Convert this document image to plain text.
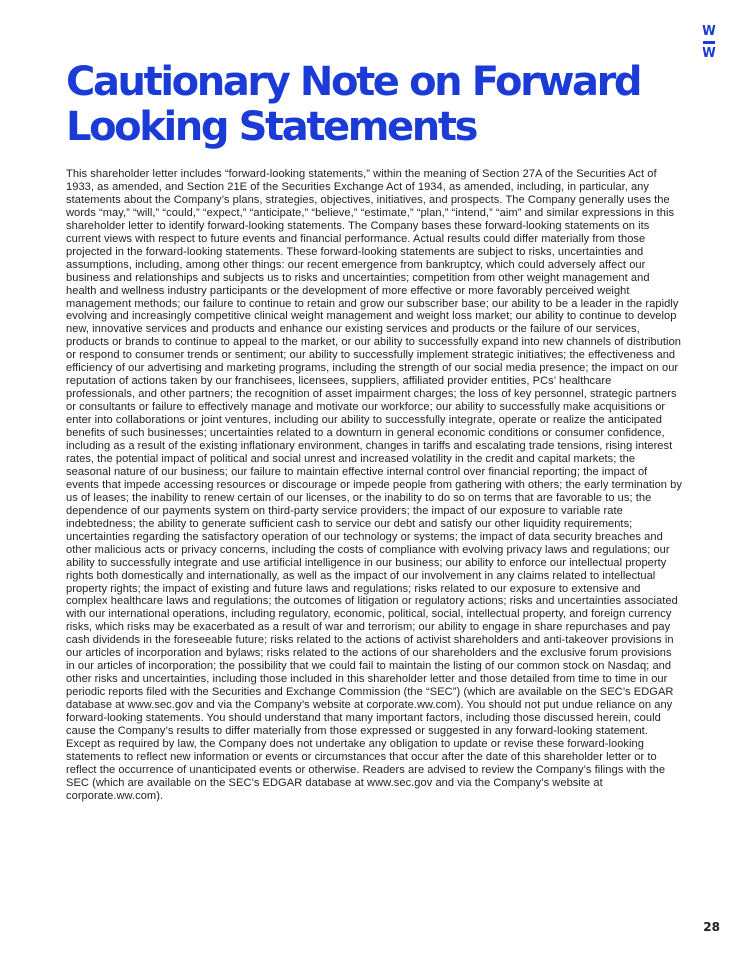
W
W
Cautionary Note on Forward Looking Statements

This shareholder letter includes “forward-looking statements,” within the meaning of Section 27A of the Securities Act of 1933, as amended, and Section 21E of the Securities Exchange Act of 1934, as amended, including, in particular, any statements about the Company’s plans, strategies, objectives, initiatives, and prospects. The Company generally uses the words “may,” “will,” “could,” “expect,” “anticipate,” “believe,” “estimate,” “plan,” “intend,” “aim” and similar expressions in this shareholder letter to identify forward-looking statements. The Company bases these forward-looking statements on its current views with respect to future events and financial performance. Actual results could differ materially from those projected in the forward-looking statements. These forward-looking statements are subject to risks, uncertainties and assumptions, including, among other things: our recent emergence from bankruptcy, which could adversely affect our business and relationships and subjects us to risks and uncertainties; competition from other weight management and health and wellness industry participants or the development of more effective or more favorably perceived weight management methods; our failure to continue to retain and grow our subscriber base; our ability to be a leader in the rapidly evolving and increasingly competitive clinical weight management and weight loss market; our ability to continue to develop new, innovative services and products and enhance our existing services and products or the failure of our services, products or brands to continue to appeal to the market, or our ability to successfully expand into new channels of distribution or respond to consumer trends or sentiment; our ability to successfully implement strategic initiatives; the effectiveness and efficiency of our advertising and marketing programs, including the strength of our social media presence; the impact on our reputation of actions taken by our franchisees, licensees, suppliers, affiliated provider entities, PCs’ healthcare professionals, and other partners; the recognition of asset impairment charges; the loss of key personnel, strategic partners or consultants or failure to effectively manage and motivate our workforce; our ability to successfully make acquisitions or enter into collaborations or joint ventures, including our ability to successfully integrate, operate or realize the anticipated benefits of such businesses; uncertainties related to a downturn in general economic conditions or consumer confidence, including as a result of the existing inflationary environment, changes in tariffs and escalating trade tensions, rising interest rates, the potential impact of political and social unrest and increased volatility in the credit and capital markets; the seasonal nature of our business; our failure to maintain effective internal control over financial reporting; the impact of events that impede accessing resources or discourage or impede people from gathering with others; the early termination by us of leases; the inability to renew certain of our licenses, or the inability to do so on terms that are favorable to us; the dependence of our payments system on third-party service providers; the impact of our exposure to variable rate indebtedness; the ability to generate sufficient cash to service our debt and satisfy our other liquidity requirements; uncertainties regarding the satisfactory operation of our technology or systems; the impact of data security breaches and other malicious acts or privacy concerns, including the costs of compliance with evolving privacy laws and regulations; our ability to successfully integrate and use artificial intelligence in our business; our ability to enforce our intellectual property rights both domestically and internationally, as well as the impact of our involvement in any claims related to intellectual property rights; the impact of existing and future laws and regulations; risks related to our exposure to extensive and complex healthcare laws and regulations; the outcomes of litigation or regulatory actions; risks and uncertainties associated with our international operations, including regulatory, economic, political, social, intellectual property, and foreign currency risks, which risks may be exacerbated as a result of war and terrorism; our ability to engage in share repurchases and pay cash dividends in the foreseeable future; risks related to the actions of activist shareholders and anti-takeover provisions in our articles of incorporation and bylaws; risks related to the actions of our shareholders and the exclusive forum provisions in our articles of incorporation; the possibility that we could fail to maintain the listing of our common stock on Nasdaq; and other risks and uncertainties, including those included in this shareholder letter and those detailed from time to time in our periodic reports filed with the Securities and Exchange Commission (the “SEC”) (which are available on the SEC’s EDGAR database at www.sec.gov and via the Company’s website at corporate.ww.com). You should not put undue reliance on any forward-looking statements. You should understand that many important factors, including those discussed herein, could cause the Company’s results to differ materially from those expressed or suggested in any forward-looking statement. Except as required by law, the Company does not undertake any obligation to update or revise these forward-looking statements to reflect new information or events or circumstances that occur after the date of this shareholder letter or to reflect the occurrence of unanticipated events or otherwise. Readers are advised to review the Company’s filings with the SEC (which are available on the SEC’s EDGAR database at www.sec.gov and via the Company’s website at corporate.ww.com).

28
